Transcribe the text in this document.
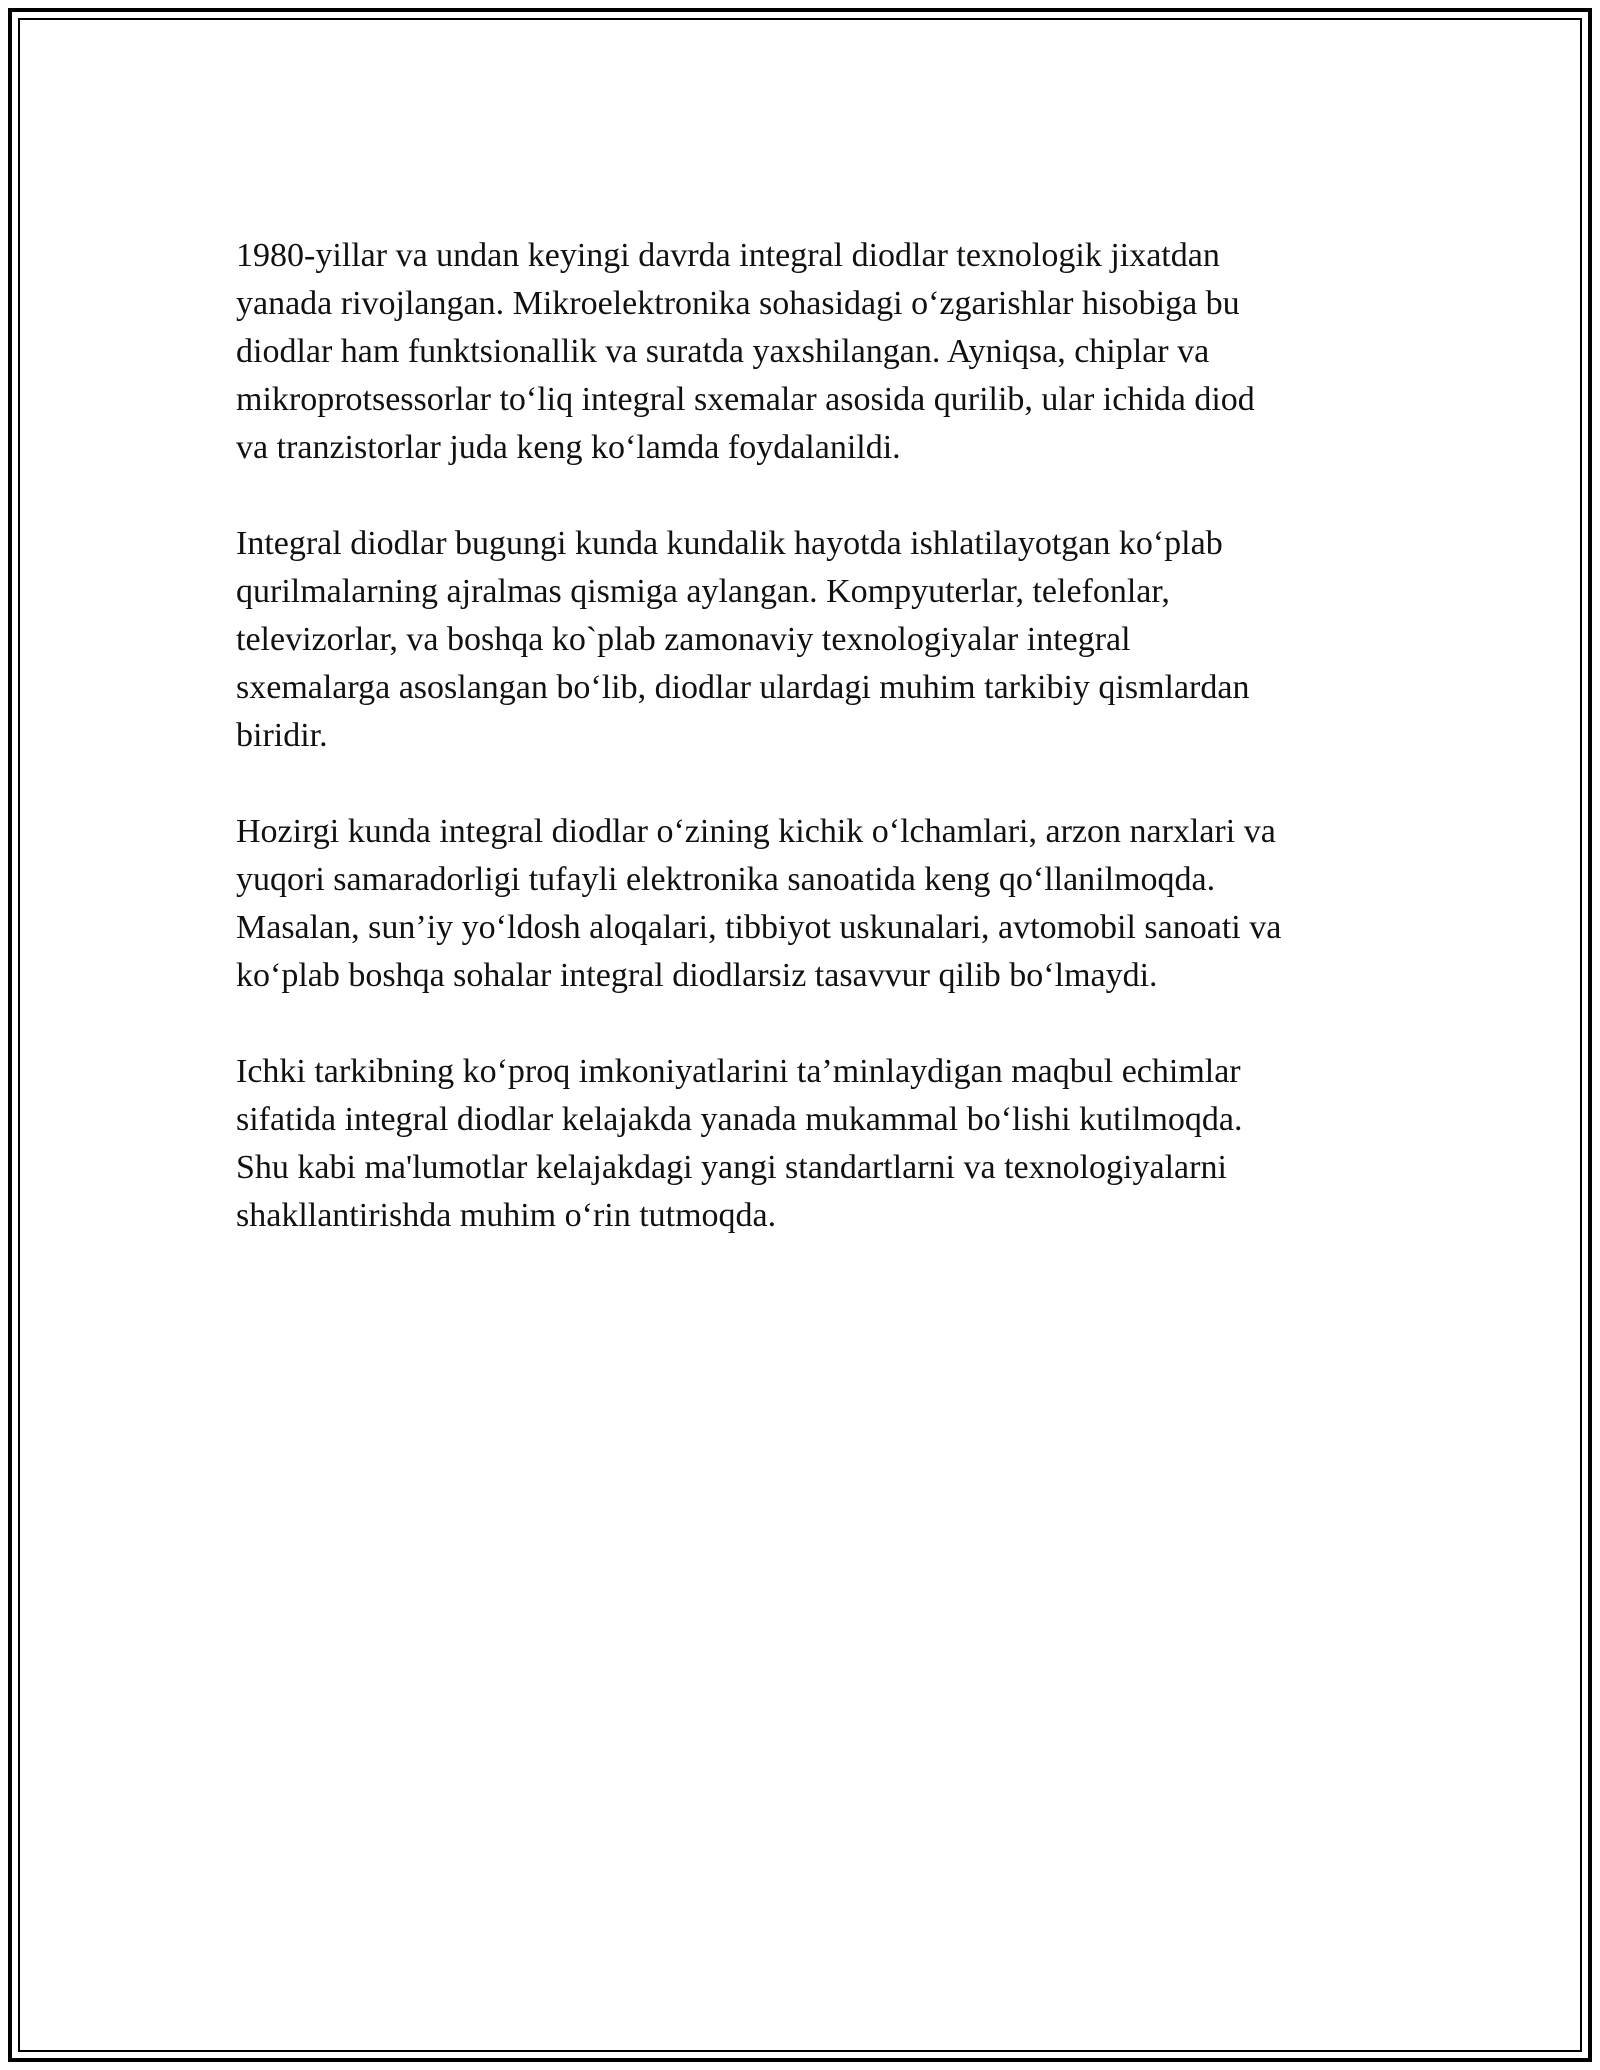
1980-yillar va undan keyingi davrda integral diodlar texnologik jixatdan
yanada rivojlangan. Mikroelektronika sohasidagi o‘zgarishlar hisobiga bu
diodlar ham funktsionallik va suratda yaxshilangan. Ayniqsa, chiplar va
mikroprotsessorlar to‘liq integral sxemalar asosida qurilib, ular ichida diod
va tranzistorlar juda keng ko‘lamda foydalanildi.

Integral diodlar bugungi kunda kundalik hayotda ishlatilayotgan ko‘plab
qurilmalarning ajralmas qismiga aylangan. Kompyuterlar, telefonlar,
televizorlar, va boshqa ko`plab zamonaviy texnologiyalar integral
sxemalarga asoslangan bo‘lib, diodlar ulardagi muhim tarkibiy qismlardan
biridir.

Hozirgi kunda integral diodlar o‘zining kichik o‘lchamlari, arzon narxlari va
yuqori samaradorligi tufayli elektronika sanoatida keng qo‘llanilmoqda.
Masalan, sun’iy yo‘ldosh aloqalari, tibbiyot uskunalari, avtomobil sanoati va
ko‘plab boshqa sohalar integral diodlarsiz tasavvur qilib bo‘lmaydi.

Ichki tarkibning ko‘proq imkoniyatlarini ta’minlaydigan maqbul echimlar
sifatida integral diodlar kelajakda yanada mukammal bo‘lishi kutilmoqda.
Shu kabi ma'lumotlar kelajakdagi yangi standartlarni va texnologiyalarni
shakllantirishda muhim o‘rin tutmoqda.
